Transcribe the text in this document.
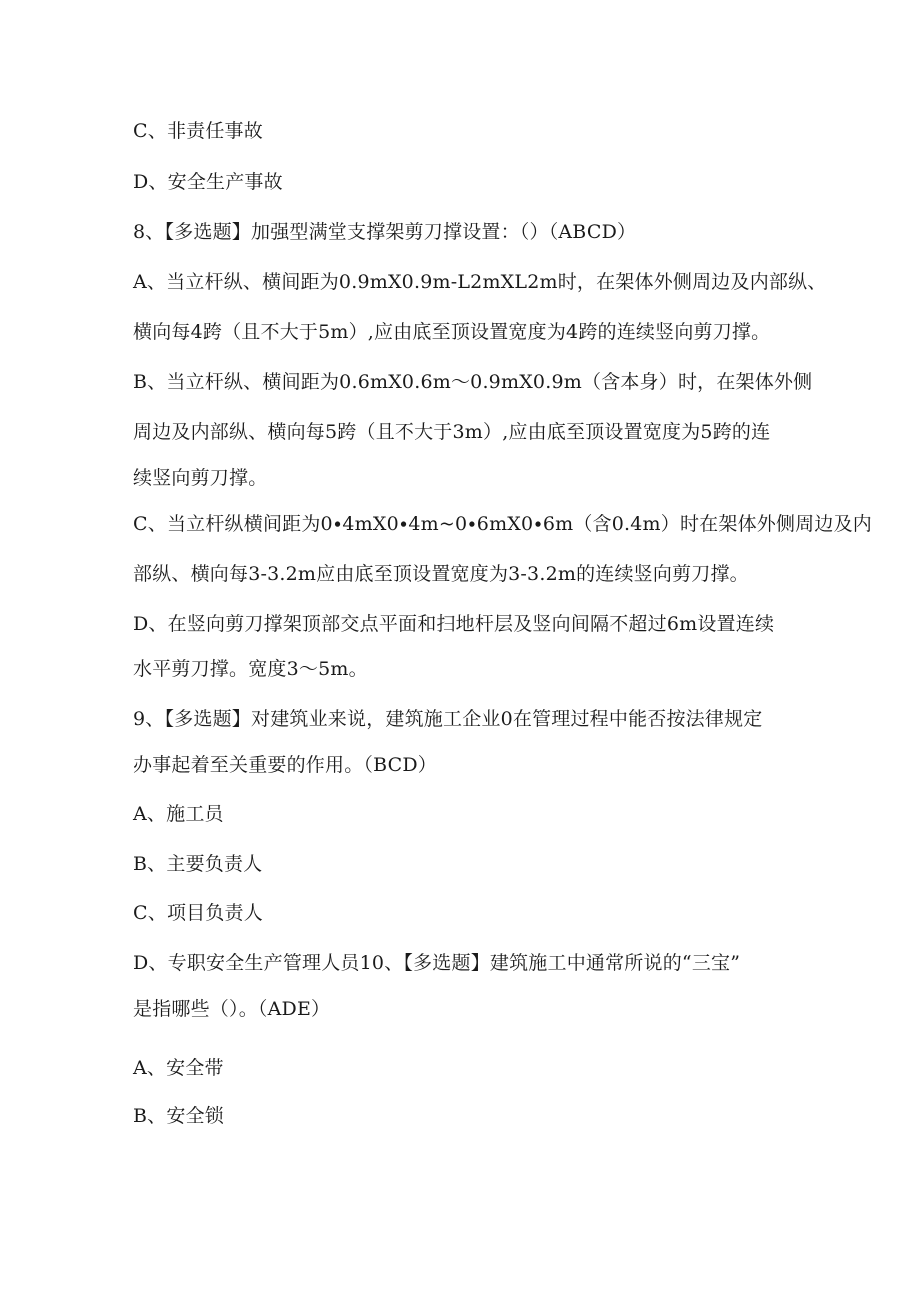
C、非责任事故
D、安全生产事故
8、【多选题】加强型满堂支撑架剪刀撑设置：（）（ABCD）
A、当立杆纵、横间距为0.9mX0.9m-L2mXL2m时，在架体外侧周边及内部纵、
横向每4跨（且不大于5m）,应由底至顶设置宽度为4跨的连续竖向剪刀撑。
B、当立杆纵、横间距为0.6mX0.6m～0.9mX0.9m（含本身）时，在架体外侧
周边及内部纵、横向每5跨（且不大于3m）,应由底至顶设置宽度为5跨的连
续竖向剪刀撑。
C、当立杆纵横间距为0∙4mX0∙4m~0∙6mX0∙6m（含0.4m）时在架体外侧周边及内
部纵、横向每3-3.2m应由底至顶设置宽度为3-3.2m的连续竖向剪刀撑。
D、在竖向剪刀撑架顶部交点平面和扫地杆层及竖向间隔不超过6m设置连续
水平剪刀撑。宽度3～5m。
9、【多选题】对建筑业来说，建筑施工企业0在管理过程中能否按法律规定
办事起着至关重要的作用。（BCD）
A、施工员
B、主要负责人
C、项目负责人
D、专职安全生产管理人员10、【多选题】建筑施工中通常所说的“三宝”
是指哪些（）。（ADE）
A、安全带
B、安全锁
